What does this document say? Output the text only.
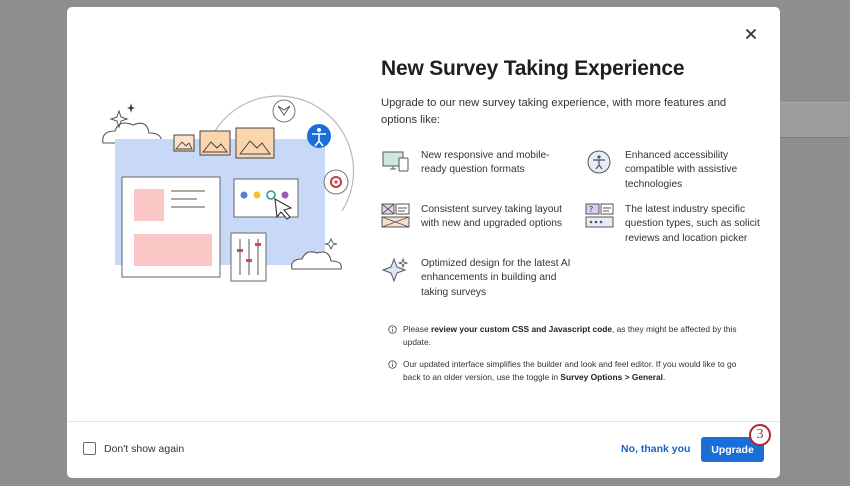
New Survey Taking Experience
Upgrade to our new survey taking experience, with more features and options like:
New responsive and mobile-ready question formats
Enhanced accessibility compatible with assistive technologies
Consistent survey taking layout with new and upgraded options
?	The latest industry specific question types, such as solicit reviews and location picker
Optimized design for the latest AI enhancements in building and taking surveys
Please review your custom CSS and Javascript code, as they might be affected by this update.
Our updated interface simplifies the builder and look and feel editor. If you would like to go back to an older version, use the toggle in Survey Options > General.
Don't show again	No, thank you	Upgrade
3
